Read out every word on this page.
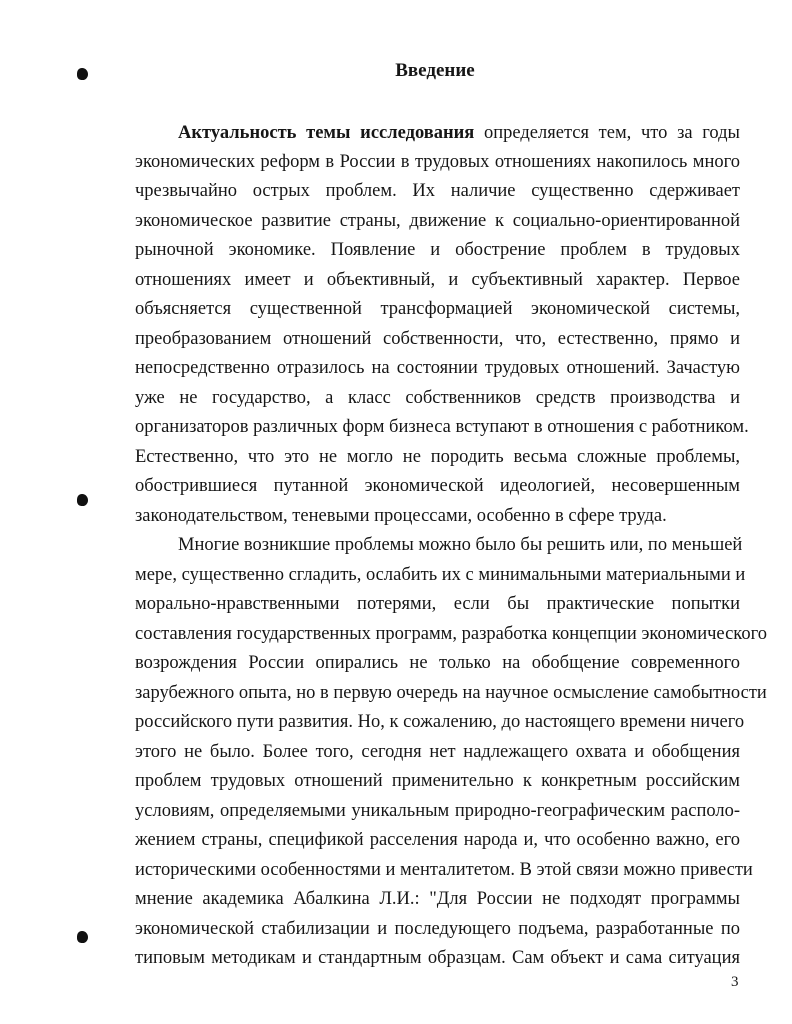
Введение
Актуальность темы исследования определяется тем, что за годы
экономических реформ в России в трудовых отношениях накопилось много
чрезвычайно острых проблем. Их наличие существенно сдерживает
экономическое развитие страны, движение к социально-ориентированной
рыночной экономике. Появление и обострение проблем в трудовых
отношениях имеет и объективный, и субъективный характер. Первое
объясняется существенной трансформацией экономической системы,
преобразованием отношений собственности, что, естественно, прямо и
непосредственно отразилось на состоянии трудовых отношений. Зачастую
уже не государство, а класс собственников средств производства и
организаторов различных форм бизнеса вступают в отношения с работником.
Естественно, что это не могло не породить весьма сложные проблемы,
обострившиеся путанной экономической идеологией, несовершенным
законодательством, теневыми процессами, особенно в сфере труда.
Многие возникшие проблемы можно было бы решить или, по меньшей
мере, существенно сгладить, ослабить их с минимальными материальными и
морально-нравственными потерями, если бы практические попытки
составления государственных программ, разработка концепции экономического
возрождения России опирались не только на обобщение современного
зарубежного опыта, но в первую очередь на научное осмысление самобытности
российского пути развития. Но, к сожалению, до настоящего времени ничего
этого не было. Более того, сегодня нет надлежащего охвата и обобщения
проблем трудовых отношений применительно к конкретным российским
условиям, определяемыми уникальным природно-географическим располо-
жением страны, спецификой расселения народа и, что особенно важно, его
историческими особенностями и менталитетом. В этой связи можно привести
мнение академика Абалкина Л.И.: "Для России не подходят программы
экономической стабилизации и последующего подъема, разработанные по
типовым методикам и стандартным образцам. Сам объект и сама ситуация
3
